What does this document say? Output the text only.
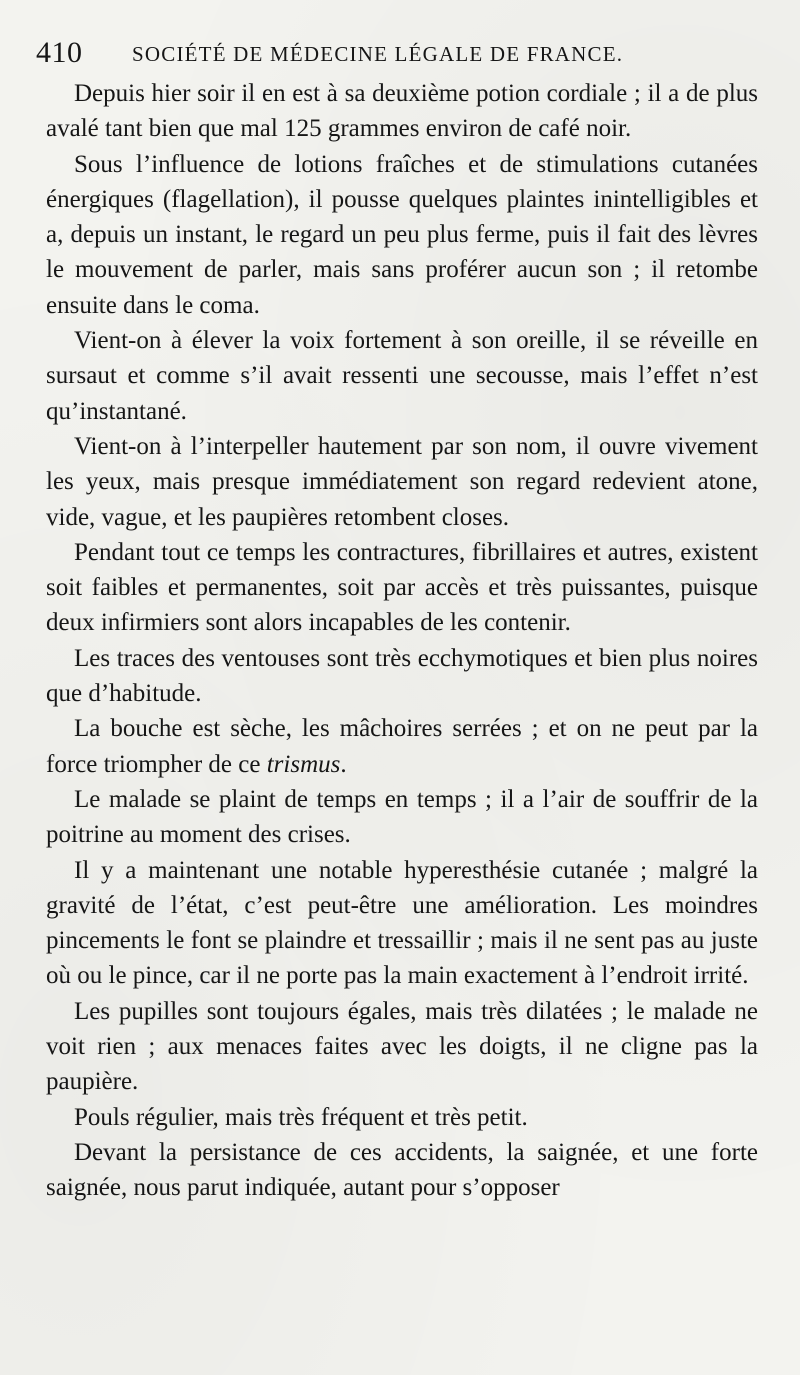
410 SOCIÉTÉ DE MÉDECINE LÉGALE DE FRANCE.

Depuis hier soir il en est à sa deuxième potion cordiale ; il a de plus avalé tant bien que mal 125 grammes environ de café noir.

Sous l’influence de lotions fraîches et de stimulations cutanées énergiques (flagellation), il pousse quelques plaintes inintelligibles et a, depuis un instant, le regard un peu plus ferme, puis il fait des lèvres le mouvement de parler, mais sans proférer aucun son ; il retombe ensuite dans le coma.

Vient-on à élever la voix fortement à son oreille, il se réveille en sursaut et comme s’il avait ressenti une secousse, mais l’effet n’est qu’instantané.

Vient-on à l’interpeller hautement par son nom, il ouvre vivement les yeux, mais presque immédiatement son regard redevient atone, vide, vague, et les paupières retombent closes.

Pendant tout ce temps les contractures, fibrillaires et autres, existent soit faibles et permanentes, soit par accès et très puissantes, puisque deux infirmiers sont alors incapables de les contenir.

Les traces des ventouses sont très ecchymotiques et bien plus noires que d’habitude.

La bouche est sèche, les mâchoires serrées ; et on ne peut par la force triompher de ce trismus.

Le malade se plaint de temps en temps ; il a l’air de souffrir de la poitrine au moment des crises.

Il y a maintenant une notable hyperesthésie cutanée ; malgré la gravité de l’état, c’est peut-être une amélioration. Les moindres pincements le font se plaindre et tressaillir ; mais il ne sent pas au juste où ou le pince, car il ne porte pas la main exactement à l’endroit irrité.

Les pupilles sont toujours égales, mais très dilatées ; le malade ne voit rien ; aux menaces faites avec les doigts, il ne cligne pas la paupière.

Pouls régulier, mais très fréquent et très petit.

Devant la persistance de ces accidents, la saignée, et une forte saignée, nous parut indiquée, autant pour s’opposer
